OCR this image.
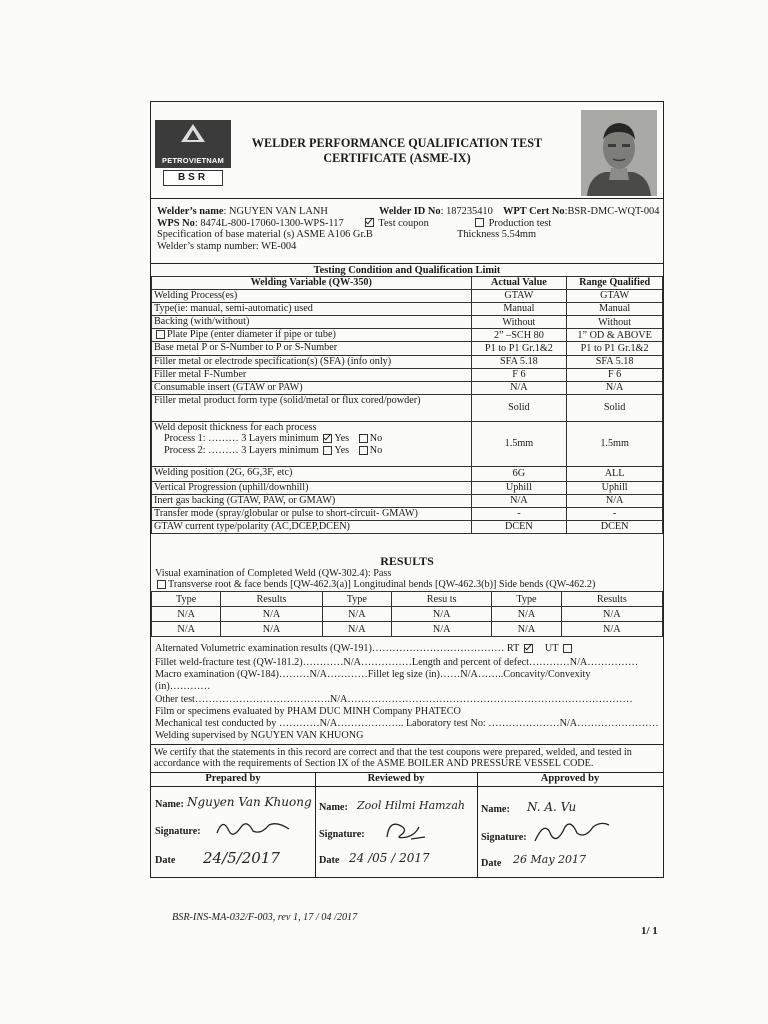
PETROVIETNAM
BSR
WELDER PERFORMANCE QUALIFICATION TEST
CERTIFICATE (ASME-IX)
Welder’s name: NGUYEN VAN LANH	Welder ID No: 187235410 WPT Cert No:BSR-DMC-WQT-004
WPS No: 8474L-800-17060-1300-WPS-117	Test coupon	Production test
Specification of base material (s) ASME A106 Gr.B	Thickness 5.54mm
Welder’s stamp number: WE-004
Testing Condition and Qualification Limit
Welding Variable (QW-350)	Actual Value	Range Qualified
Welding Process(es)	GTAW	GTAW
Type(ie: manual, semi-automatic) used	Manual	Manual
Backing (with/without)	Without	Without
Plate Pipe (enter diameter if pipe or tube)	2” –SCH 80	1” OD & ABOVE
Base metal P or S-Number to P or S-Number	P1 to P1 Gr.1&2	P1 to P1 Gr.1&2
Filler metal or electrode specification(s) (SFA) (info only)	SFA 5.18	SFA 5.18
Filler metal F-Number	F 6	F 6
Consumable insert (GTAW or PAW)	N/A	N/A
Filler metal product form type (solid/metal or flux cored/powder)	Solid	Solid

Weld deposit thickness for each process
Process 1: ……… 3 Layers minimum Yes No
Process 2: ……… 3 Layers minimum Yes No	1.5mm	1.5mm
Welding position (2G, 6G,3F, etc)	6G	ALL
Vertical Progression (uphill/downhill)	Uphill	Uphill
Inert gas backing (GTAW, PAW, or GMAW)	N/A	N/A
Transfer mode (spray/globular or pulse to short-circuit- GMAW)	-	-
GTAW current type/polarity (AC,DCEP,DCEN)	DCEN	DCEN
RESULTS
Visual examination of Completed Weld (QW-302.4): Pass
Transverse root & face bends [QW-462.3(a)] Longitudinal bends [QW-462.3(b)] Side bends (QW-462.2)
Type	Results	Type	Resu ts	Type	Results
N/A	N/A	N/A	N/A	N/A	N/A
N/A	N/A	N/A	N/A	N/A	N/A
Alternated Volumetric examination results (QW-191)………………………………… RT	UT
Fillet weld-fracture test (QW-181.2)…………N/A……………Length and percent of defect…………N/A……………
Macro examination (QW-184)………N/A…………Fillet leg size (in)……N/A……..Concavity/Convexity
(in)…………
Other test………………………………….N/A…………………………………………………………………………
Film or specimens evaluated by PHAM DUC MINH Company PHATECO
Mechanical test conducted by …………N/A……………….. Laboratory test No: …………………N/A……………………
Welding supervised by NGUYEN VAN KHUONG
We certify that the statements in this record are correct and that the test coupons were prepared, welded, and tested in accordance with the requirements of Section IX of the ASME BOILER AND PRESSURE VESSEL CODE.
Prepared by
Name: Nguyen Van Khuong
Signature:
Date 24/5/2017
Reviewed by
Name: Zool Hilmi Hamzah
Signature:
Date 24 /05 / 2017
Approved by
Name: N. A. Vu
Signature:
Date 26 May 2017
BSR-INS-MA-032/F-003, rev 1, 17 / 04 /2017
1/ 1
